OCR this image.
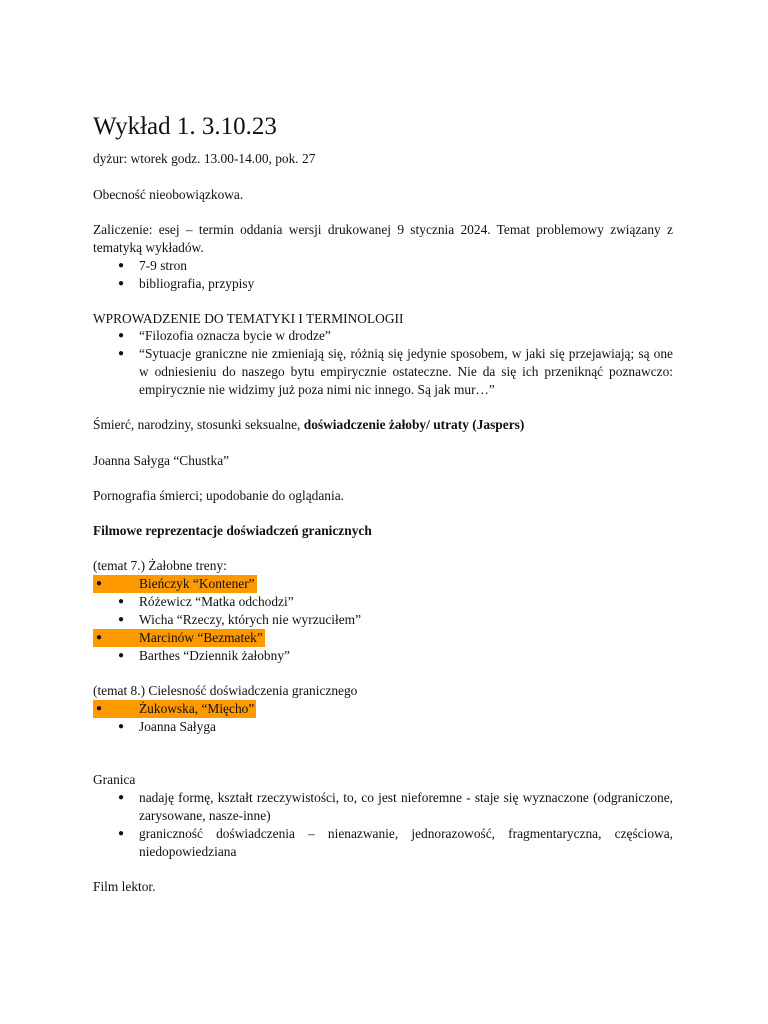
Wykład 1. 3.10.23
dyżur: wtorek godz. 13.00-14.00, pok. 27
Obecność nieobowiązkowa.
Zaliczenie: esej – termin oddania wersji drukowanej 9 stycznia 2024. Temat problemowy związany z tematyką wykładów.
● 7-9 stron
● bibliografia, przypisy
WPROWADZENIE DO TEMATYKI I TERMINOLOGII
● “Filozofia oznacza bycie w drodze”
● “Sytuacje graniczne nie zmieniają się, różnią się jedynie sposobem, w jaki się przejawiają; są one w odniesieniu do naszego bytu empirycznie ostateczne. Nie da się ich przeniknąć poznawczo: empirycznie nie widzimy już poza nimi nic innego. Są jak mur…”
Śmierć, narodziny, stosunki seksualne, doświadczenie żałoby/ utraty (Jaspers)
Joanna Sałyga “Chustka”
Pornografia śmierci; upodobanie do oglądania.
Filmowe reprezentacje doświadczeń granicznych
(temat 7.) Żałobne treny:
●	Bieńczyk “Kontener”
● Różewicz “Matka odchodzi”
● Wicha “Rzeczy, których nie wyrzuciłem”
●	Marcinów “Bezmatek”
● Barthes “Dziennik żałobny”
(temat 8.) Cielesność doświadczenia granicznego
●	Żukowska, “Mięcho”
● Joanna Sałyga
Granica
● nadaję formę, kształt rzeczywistości, to, co jest nieforemne - staje się wyznaczone (odgraniczone, zarysowane, nasze-inne)
● graniczność doświadczenia – nienazwanie, jednorazowość, fragmentaryczna, częściowa, niedopowiedziana
Film lektor.
